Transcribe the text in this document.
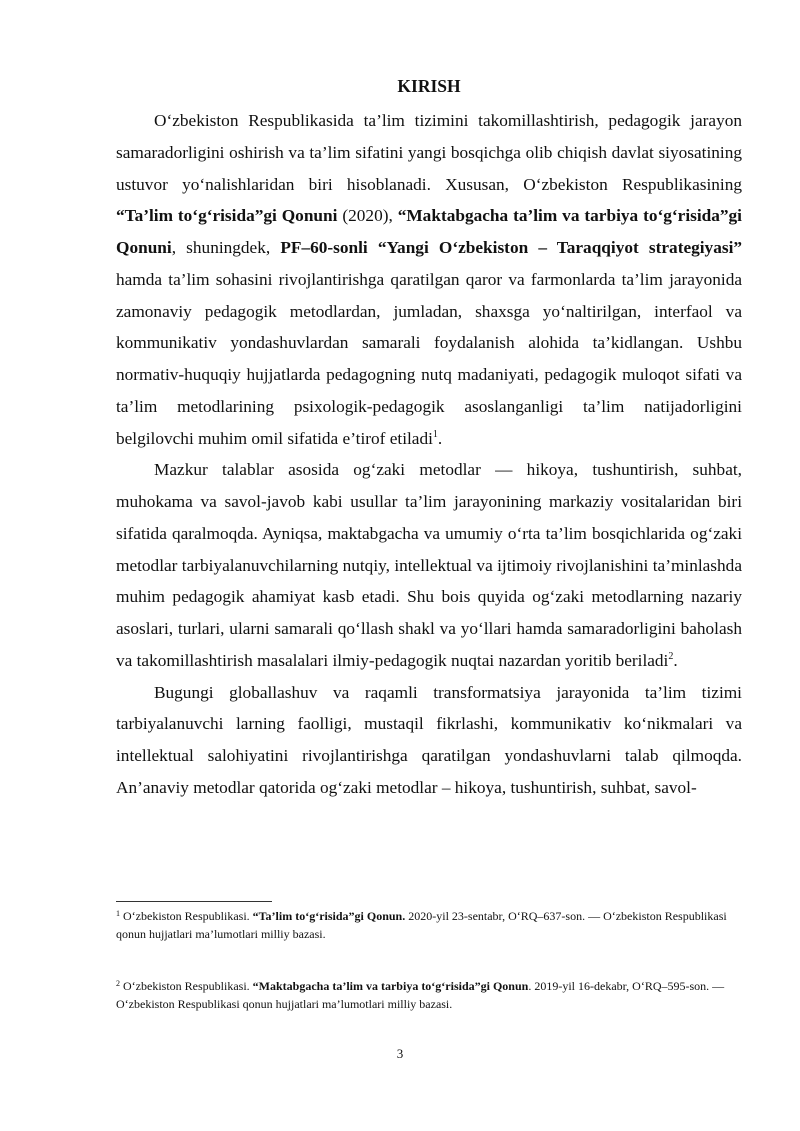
KIRISH

O‘zbekiston Respublikasida ta’lim tizimini takomillashtirish, pedagogik jarayon samaradorligini oshirish va ta’lim sifatini yangi bosqichga olib chiqish davlat siyosatining ustuvor yo‘nalishlaridan biri hisoblanadi. Xususan, O‘zbekiston Respublikasining “Ta’lim to‘g‘risida”gi Qonuni (2020), “Maktabgacha ta’lim va tarbiya to‘g‘risida”gi Qonuni, shuningdek, PF–60-sonli “Yangi O‘zbekiston – Taraqqiyot strategiyasi” hamda ta’lim sohasini rivojlantirishga qaratilgan qaror va farmonlarda ta’lim jarayonida zamonaviy pedagogik metodlardan, jumladan, shaxsga yo‘naltirilgan, interfaol va kommunikativ yondashuvlardan samarali foydalanish alohida ta’kidlangan. Ushbu normativ-huquqiy hujjatlarda pedagogning nutq madaniyati, pedagogik muloqot sifati va ta’lim metodlarining psixologik-pedagogik asoslanganligi ta’lim natijadorligini belgilovchi muhim omil sifatida e’tirof etiladi$^1$.

Mazkur talablar asosida og‘zaki metodlar — hikoya, tushuntirish, suhbat, muhokama va savol-javob kabi usullar ta’lim jarayonining markaziy vositalaridan biri sifatida qaralmoqda. Ayniqsa, maktabgacha va umumiy o‘rta ta’lim bosqichlarida og‘zaki metodlar tarbiyalanuvchilarning nutqiy, intellektual va ijtimoiy rivojlanishini ta’minlashda muhim pedagogik ahamiyat kasb etadi. Shu bois quyida og‘zaki metodlarning nazariy asoslari, turlari, ularni samarali qo‘llash shakl va yo‘llari hamda samaradorligini baholash va takomillashtirish masalalari ilmiy-pedagogik nuqtai nazardan yoritib beriladi$^2$.

Bugungi globallashuv va raqamli transformatsiya jarayonida ta’lim tizimi tarbiyalanuvchi larning faolligi, mustaqil fikrlashi, kommunikativ ko‘nikmalari va intellektual salohiyatini rivojlantirishga qaratilgan yondashuvlarni talab qilmoqda. An’anaviy metodlar qatorida og‘zaki metodlar – hikoya, tushuntirish, suhbat, savol-

$^1$ O‘zbekiston Respublikasi. “Ta’lim to‘g‘risida”gi Qonun. 2020-yil 23-sentabr, O‘RQ–637-son. — O‘zbekiston Respublikasi qonun hujjatlari ma’lumotlari milliy bazasi.
$^2$ O‘zbekiston Respublikasi. “Maktabgacha ta’lim va tarbiya to‘g‘risida”gi Qonun. 2019-yil 16-dekabr, O‘RQ–595-son. — O‘zbekiston Respublikasi qonun hujjatlari ma’lumotlari milliy bazasi.
3
